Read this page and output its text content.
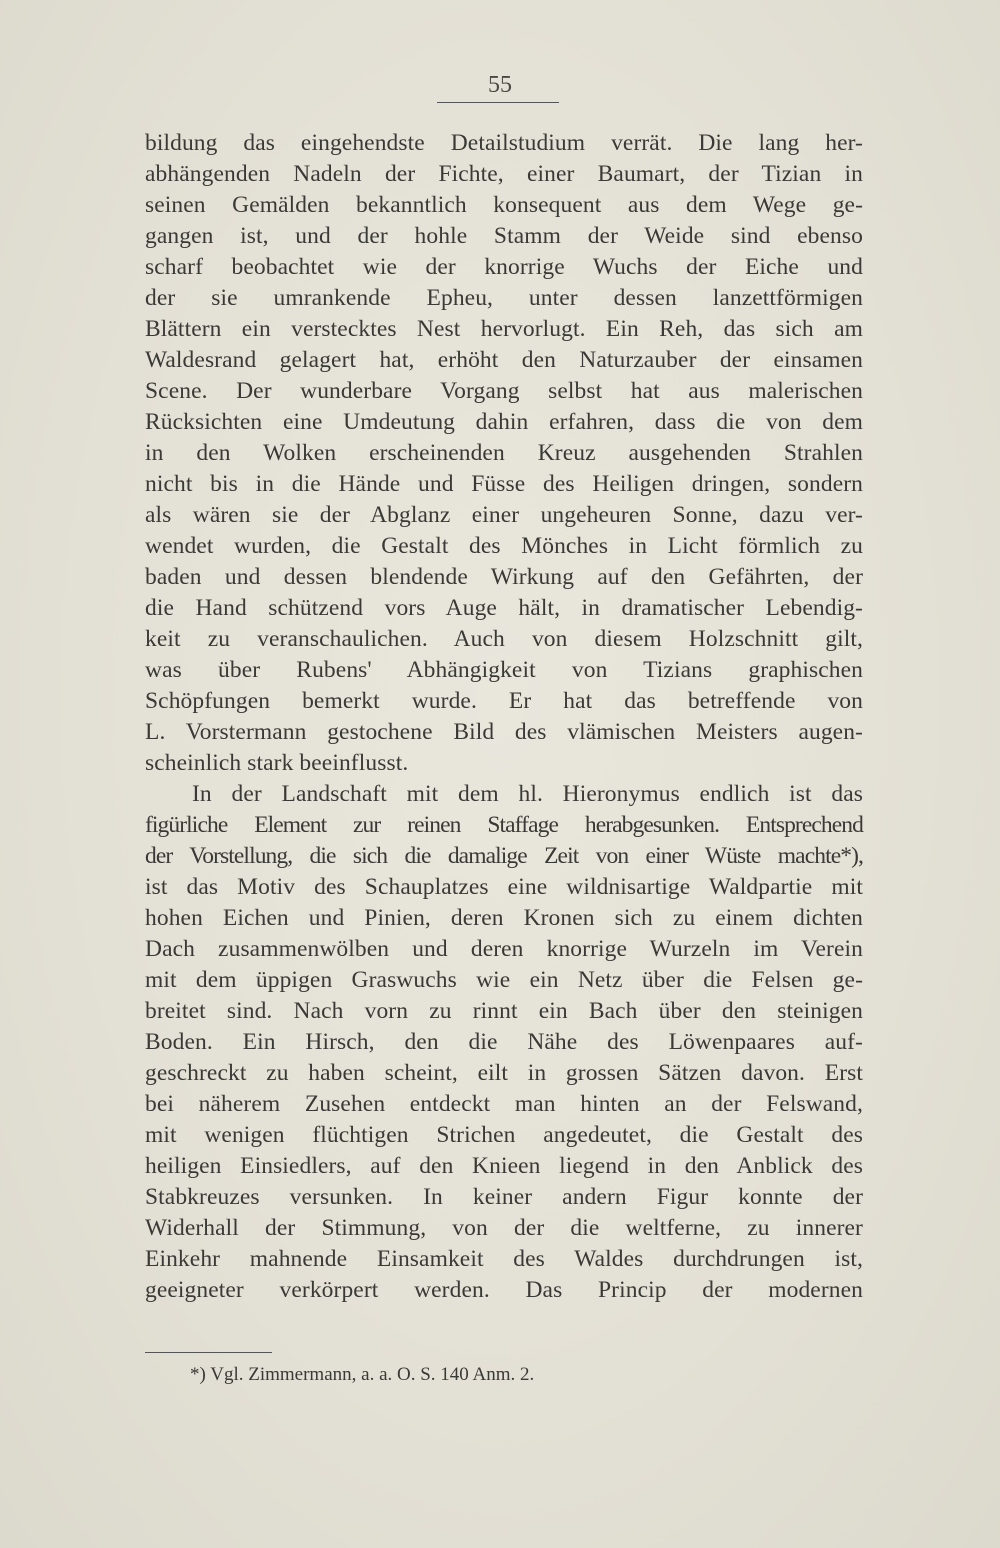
55
bildung das eingehendste Detailstudium verrät. Die lang her-
abhängenden Nadeln der Fichte, einer Baumart, der Tizian in
seinen Gemälden bekanntlich konsequent aus dem Wege ge-
gangen ist, und der hohle Stamm der Weide sind ebenso
scharf beobachtet wie der knorrige Wuchs der Eiche und
der sie umrankende Epheu, unter dessen lanzettförmigen
Blättern ein verstecktes Nest hervorlugt. Ein Reh, das sich am
Waldesrand gelagert hat, erhöht den Naturzauber der einsamen
Scene. Der wunderbare Vorgang selbst hat aus malerischen
Rücksichten eine Umdeutung dahin erfahren, dass die von dem
in den Wolken erscheinenden Kreuz ausgehenden Strahlen
nicht bis in die Hände und Füsse des Heiligen dringen, sondern
als wären sie der Abglanz einer ungeheuren Sonne, dazu ver-
wendet wurden, die Gestalt des Mönches in Licht förmlich zu
baden und dessen blendende Wirkung auf den Gefährten, der
die Hand schützend vors Auge hält, in dramatischer Lebendig-
keit zu veranschaulichen. Auch von diesem Holzschnitt gilt,
was über Rubens' Abhängigkeit von Tizians graphischen
Schöpfungen bemerkt wurde. Er hat das betreffende von
L. Vorstermann gestochene Bild des vlämischen Meisters augen-
scheinlich stark beeinflusst.
In der Landschaft mit dem hl. Hieronymus endlich ist das
figürliche Element zur reinen Staffage herabgesunken. Entsprechend
der Vorstellung, die sich die damalige Zeit von einer Wüste machte*),
ist das Motiv des Schauplatzes eine wildnisartige Waldpartie mit
hohen Eichen und Pinien, deren Kronen sich zu einem dichten
Dach zusammenwölben und deren knorrige Wurzeln im Verein
mit dem üppigen Graswuchs wie ein Netz über die Felsen ge-
breitet sind. Nach vorn zu rinnt ein Bach über den steinigen
Boden. Ein Hirsch, den die Nähe des Löwenpaares auf-
geschreckt zu haben scheint, eilt in grossen Sätzen davon. Erst
bei näherem Zusehen entdeckt man hinten an der Felswand,
mit wenigen flüchtigen Strichen angedeutet, die Gestalt des
heiligen Einsiedlers, auf den Knieen liegend in den Anblick des
Stabkreuzes versunken. In keiner andern Figur konnte der
Widerhall der Stimmung, von der die weltferne, zu innerer
Einkehr mahnende Einsamkeit des Waldes durchdrungen ist,
geeigneter verkörpert werden. Das Princip der modernen
*) Vgl. Zimmermann, a. a. O. S. 140 Anm. 2.
